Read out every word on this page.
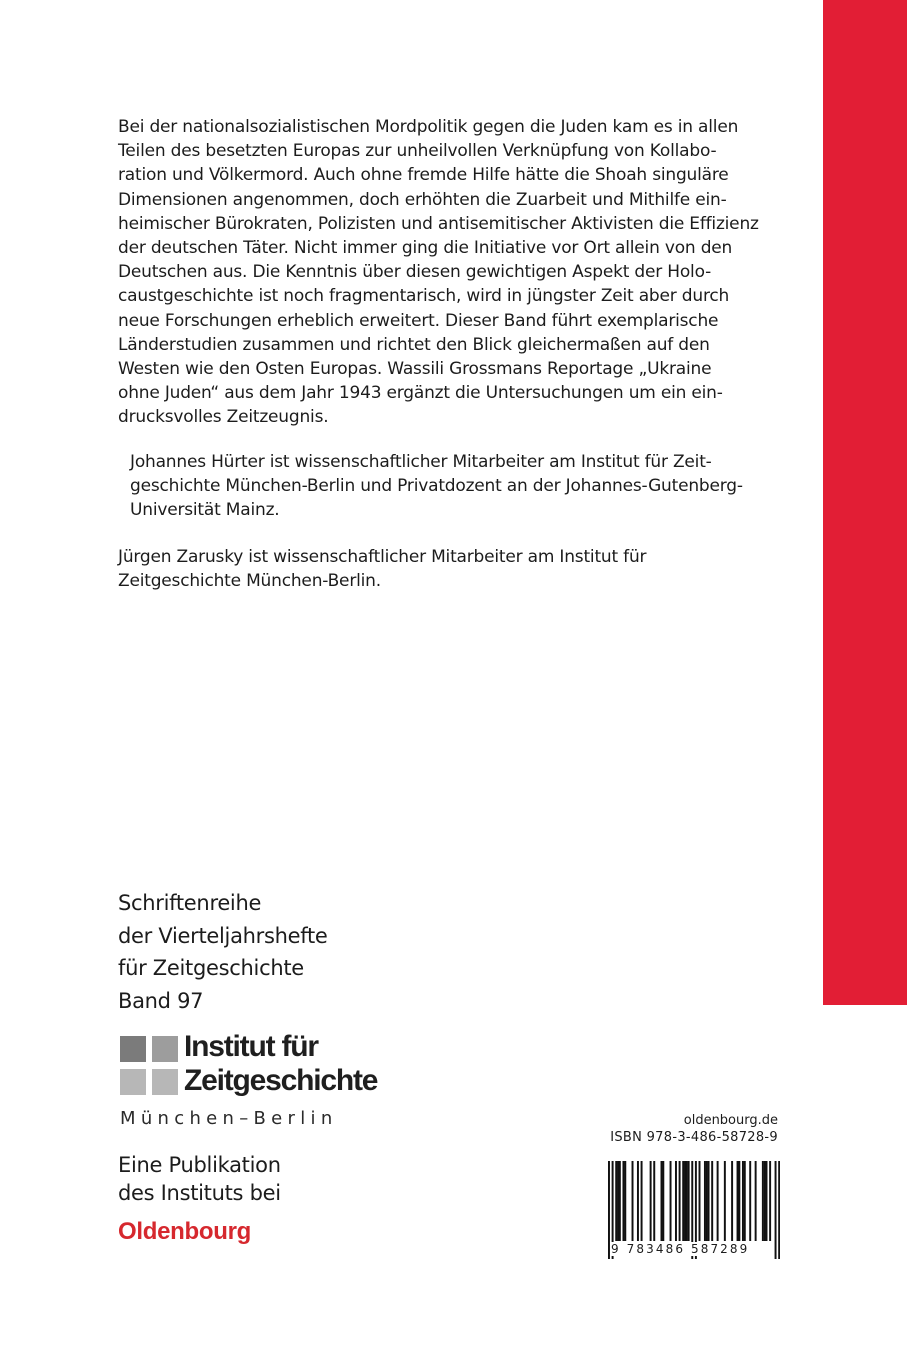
Bei der nationalsozialistischen Mordpolitik gegen die Juden kam es in allen

Teilen des besetzten Europas zur unheilvollen Verknüpfung von Kollabo-

ration und Völkermord. Auch ohne fremde Hilfe hätte die Shoah singuläre

Dimensionen angenommen, doch erhöhten die Zuarbeit und Mithilfe ein-

heimischer Bürokraten, Polizisten und antisemitischer Aktivisten die Effizienz

der deutschen Täter. Nicht immer ging die Initiative vor Ort allein von den

Deutschen aus. Die Kenntnis über diesen gewichtigen Aspekt der Holo-

caustgeschichte ist noch fragmentarisch, wird in jüngster Zeit aber durch

neue Forschungen erheblich erweitert. Dieser Band führt exemplarische

Länderstudien zusammen und richtet den Blick gleichermaßen auf den

Westen wie den Osten Europas. Wassili Grossmans Reportage „Ukraine

ohne Juden“ aus dem Jahr 1943 ergänzt die Untersuchungen um ein ein-

drucksvolles Zeitzeugnis.

Johannes Hürter ist wissenschaftlicher Mitarbeiter am Institut für Zeit-
geschichte München-Berlin und Privatdozent an der Johannes-Gutenberg-
Universität Mainz.
Jürgen Zarusky ist wissenschaftlicher Mitarbeiter am Institut für
Zeitgeschichte München-Berlin.
Schriftenreihe
der Vierteljahrshefte
für Zeitgeschichte
Band 97
Institut für
Zeitgeschichte
München–Berlin
Eine Publikation
des Instituts bei
Oldenbourg
oldenbourg.de
ISBN 978-3-486-58728-9
9 783486 587289
